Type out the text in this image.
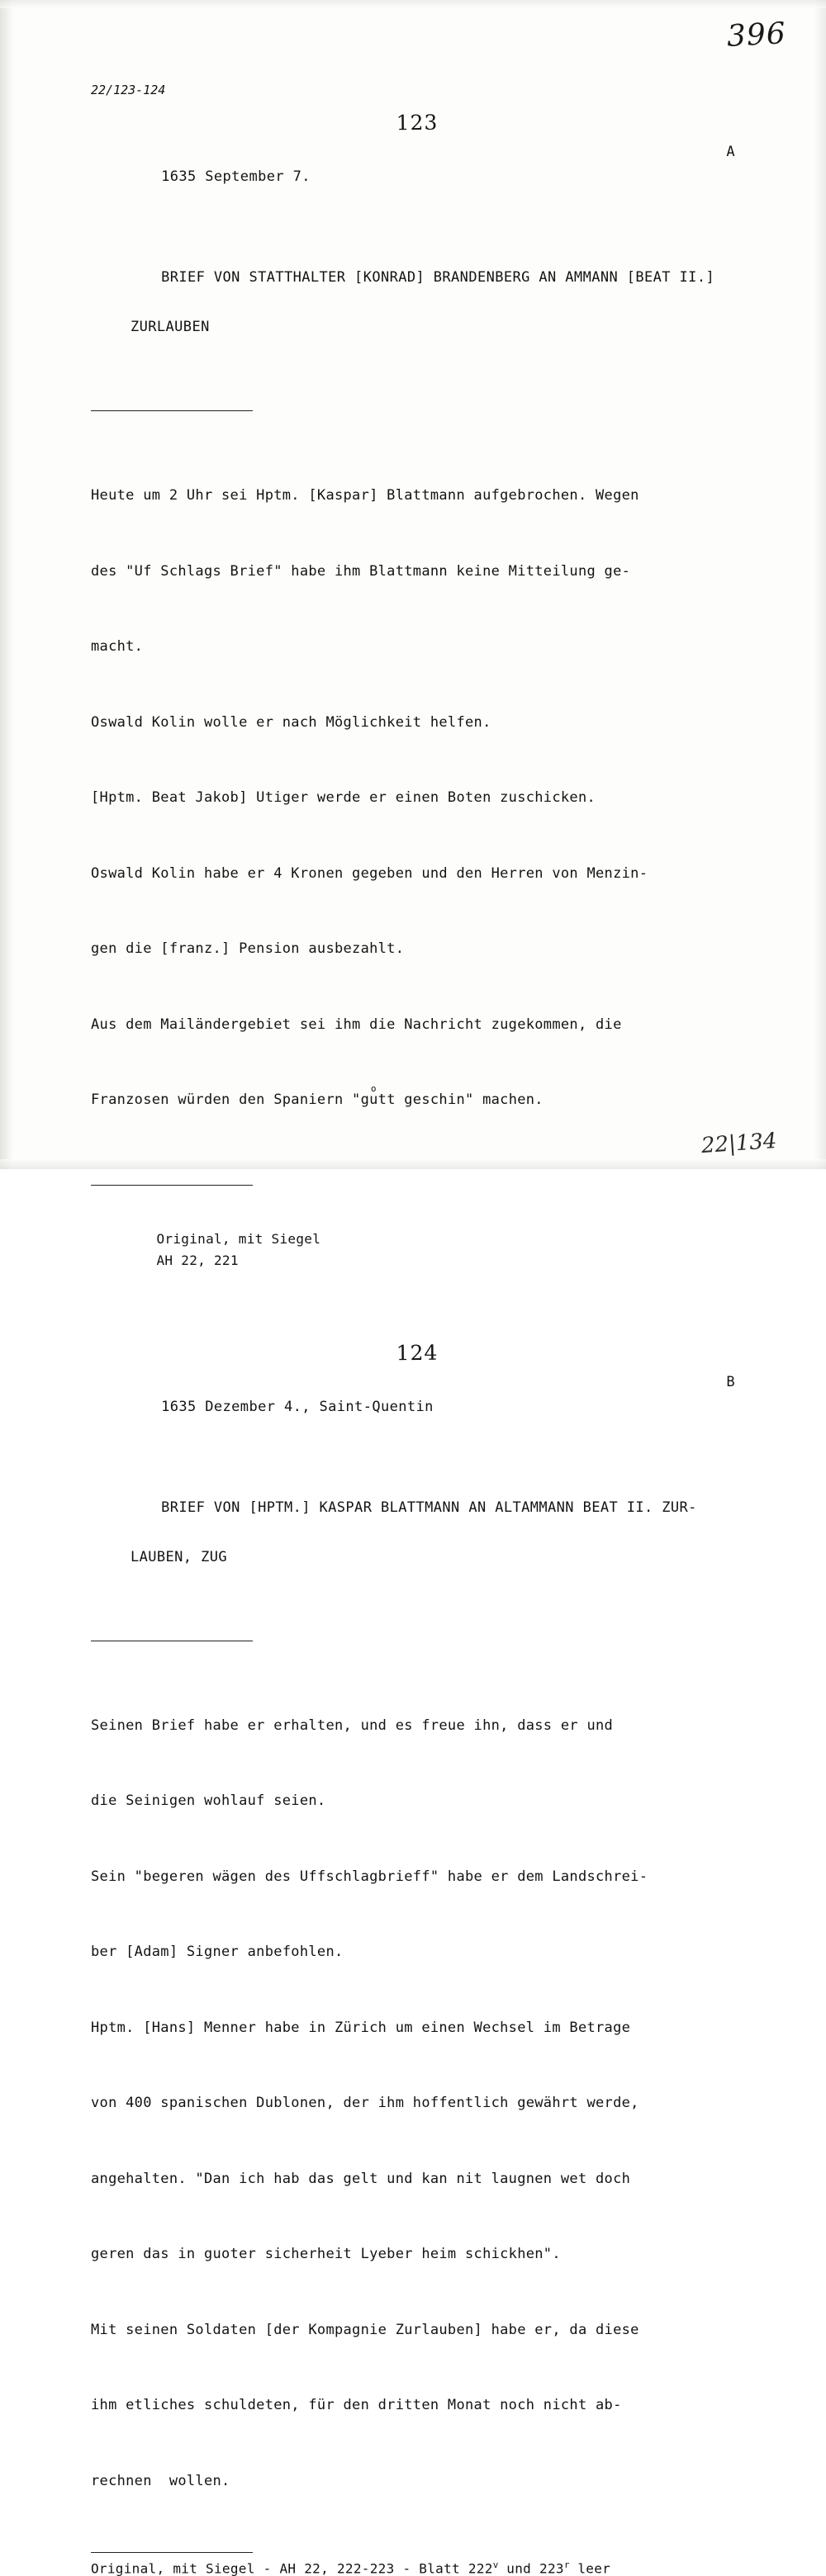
396
22|134
22/123-124
123

1635 September 7.

A

BRIEF VON STATTHALTER [KONRAD] BRANDENBERG AN AMMANN [BEAT II.]

ZURLAUBEN

Heute um 2 Uhr sei Hptm. [Kaspar] Blattmann aufgebrochen. Wegen

des "Uf Schlags Brief" habe ihm Blattmann keine Mitteilung ge-

macht.

Oswald Kolin wolle er nach Möglichkeit helfen.

[Hptm. Beat Jakob] Utiger werde er einen Boten zuschicken.

Oswald Kolin habe er 4 Kronen gegeben und den Herren von Menzin-

gen die [franz.] Pension ausbezahlt.

Aus dem Mailändergebiet sei ihm die Nachricht zugekommen, die

Franzosen würden den Spaniern "gu
o
tt geschin" machen.

Original, mit Siegel
AH 22, 221

124

1635 Dezember 4., Saint-Quentin

B

BRIEF VON [HPTM.] KASPAR BLATTMANN AN ALTAMMANN BEAT II. ZUR-

LAUBEN, ZUG

Seinen Brief habe er erhalten, und es freue ihn, dass er und

die Seinigen wohlauf seien.

Sein "begeren wägen des Uffschlagbrieff" habe er dem Landschrei-

ber [Adam] Signer anbefohlen.

Hptm. [Hans] Menner habe in Zürich um einen Wechsel im Betrage

von 400 spanischen Dublonen, der ihm hoffentlich gewährt werde,

angehalten. "Dan ich hab das gelt und kan nit laugnen wet doch

geren das in guoter sicherheit Lyeber heim schickhen".

Mit seinen Soldaten [der Kompagnie Zurlauben] habe er, da diese

ihm etliches schuldeten, für den dritten Monat noch nicht ab-

rechnen  wollen.

Original, mit Siegel - AH 22, 222-223 - Blatt 222$^v$ und 223$^r$ leer
